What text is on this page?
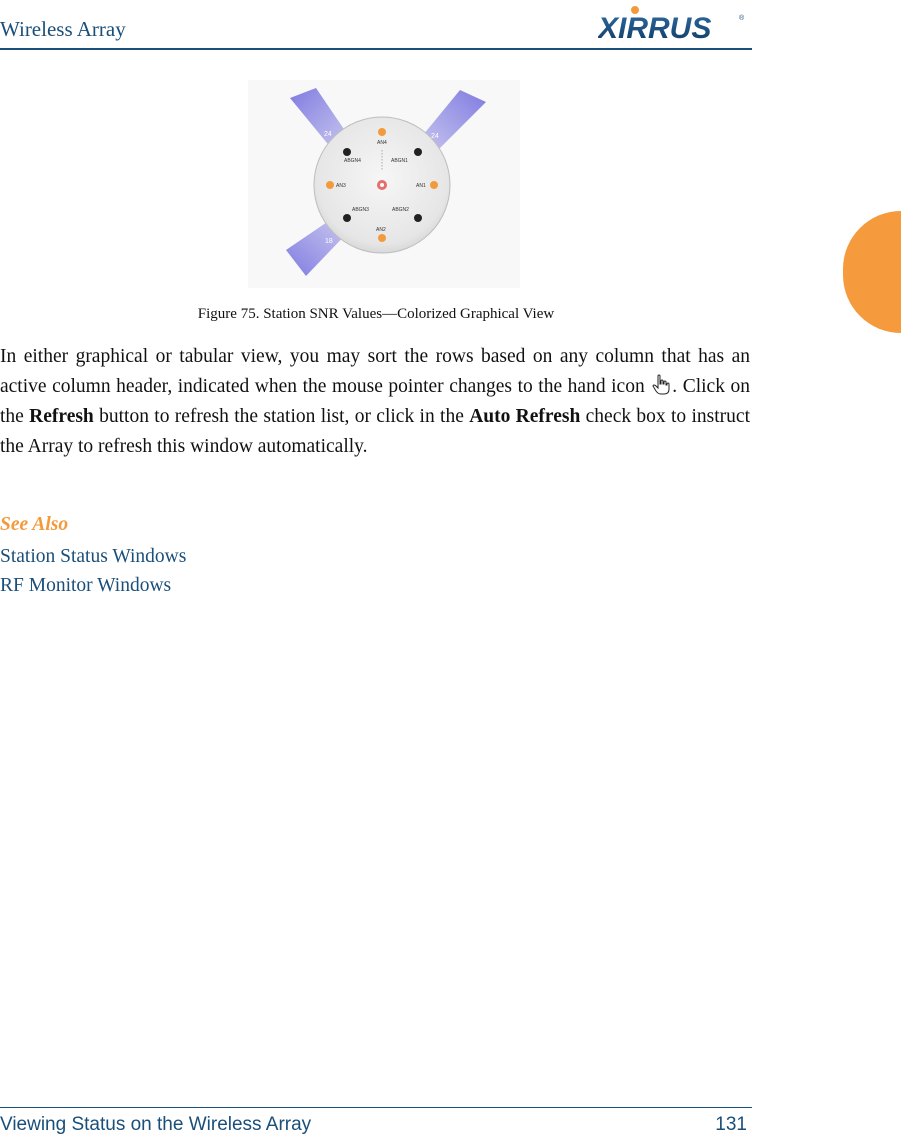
Wireless Array	XIRRUS	®
24	24
18
AN4
AN3	AN1
AN2
ABGN4	ABGN1
ABGN3	ABGN2
Figure 75. Station SNR Values—Colorized Graphical View
In either graphical or tabular view, you may sort the rows based on any column that has an active column header, indicated when the mouse pointer changes to the hand icon . Click on the Refresh button to refresh the station list, or click in the Auto Refresh check box to instruct the Array to refresh this window automatically.
See Also
Station Status Windows
RF Monitor Windows
Viewing Status on the Wireless Array	131
